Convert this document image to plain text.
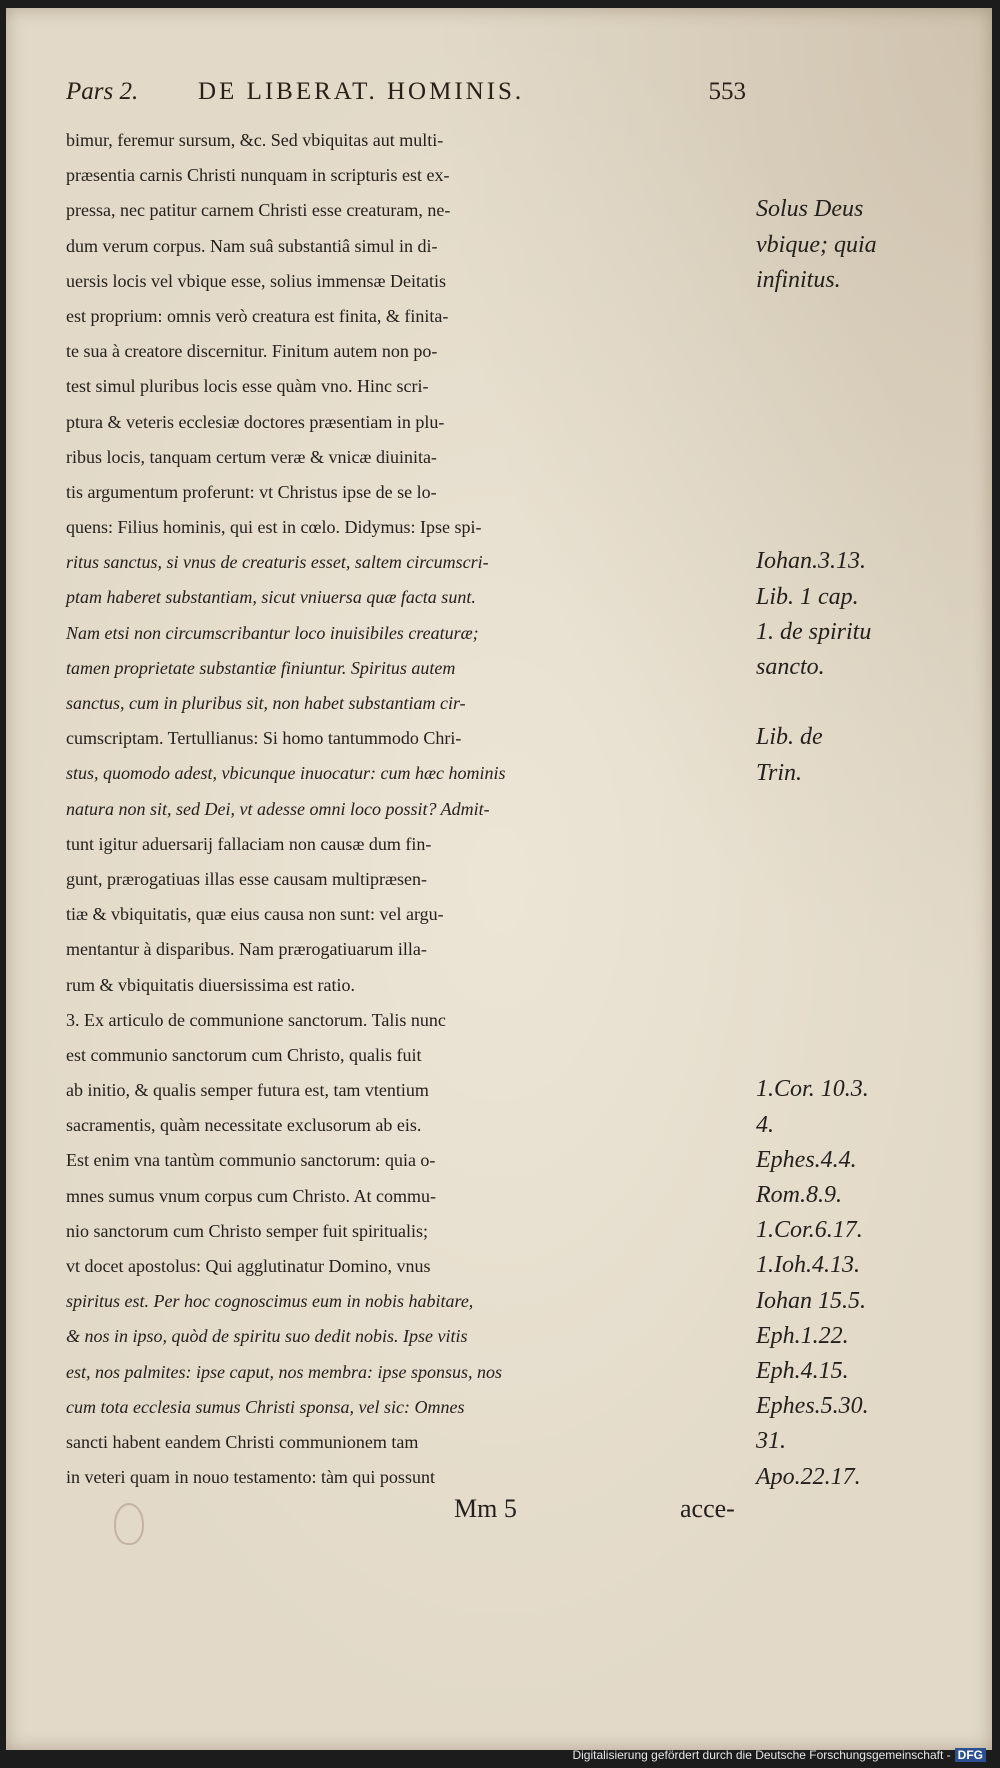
Pars 2. DE LIBERAT. HOMINIS.	553
bimur, feremur sursum, &c. Sed vbiquitas aut multi-
præsentia carnis Christi nunquam in scripturis est ex-
pressa, nec patitur carnem Christi esse creaturam, ne-
dum verum corpus. Nam suâ substantiâ simul in di-
uersis locis vel vbique esse, solius immensæ Deitatis
est proprium: omnis verò creatura est finita, & finita-
te sua à creatore discernitur. Finitum autem non po-
test simul pluribus locis esse quàm vno. Hinc scri-
ptura & veteris ecclesiæ doctores præsentiam in plu-
ribus locis, tanquam certum veræ & vnicæ diuinita-
tis argumentum proferunt: vt Christus ipse de se lo-
quens: Filius hominis, qui est in cœlo. Didymus: Ipse spi-
ritus sanctus, si vnus de creaturis esset, saltem circumscri-
ptam haberet substantiam, sicut vniuersa quæ facta sunt.
Nam etsi non circumscribantur loco inuisibiles creaturæ;
tamen proprietate substantiæ finiuntur. Spiritus autem
sanctus, cum in pluribus sit, non habet substantiam cir-
cumscriptam. Tertullianus: Si homo tantummodo Chri-
stus, quomodo adest, vbicunque inuocatur: cum hæc hominis
natura non sit, sed Dei, vt adesse omni loco possit? Admit-
tunt igitur aduersarij fallaciam non causæ dum fin-
gunt, prærogatiuas illas esse causam multipræsen-
tiæ & vbiquitatis, quæ eius causa non sunt: vel argu-
mentantur à disparibus. Nam prærogatiuarum illa-
rum & vbiquitatis diuersissima est ratio.
3. Ex articulo de communione sanctorum. Talis nunc
est communio sanctorum cum Christo, qualis fuit
ab initio, & qualis semper futura est, tam vtentium
sacramentis, quàm necessitate exclusorum ab eis.
Est enim vna tantùm communio sanctorum: quia o-
mnes sumus vnum corpus cum Christo. At commu-
nio sanctorum cum Christo semper fuit spiritualis;
vt docet apostolus: Qui agglutinatur Domino, vnus
spiritus est. Per hoc cognoscimus eum in nobis habitare,
& nos in ipso, quòd de spiritu suo dedit nobis. Ipse vitis
est, nos palmites: ipse caput, nos membra: ipse sponsus, nos
cum tota ecclesia sumus Christi sponsa, vel sic: Omnes
sancti habent eandem Christi communionem tam
in veteri quam in nouo testamento: tàm qui possunt
Solus Deus
vbique; quia
infinitus.
Iohan.3.13.
Lib. 1 cap.
1. de spiritu
sancto.
Lib. de
Trin.
1.Cor. 10.3.
4.
Ephes.4.4.
Rom.8.9.
1.Cor.6.17.
1.Ioh.4.13.
Iohan 15.5.
Eph.1.22.
Eph.4.15.
Ephes.5.30.
31.
Apo.22.17.
Mm 5	acce-
Digitalisierung gefördert durch die Deutsche Forschungsgemeinschaft - DFG
